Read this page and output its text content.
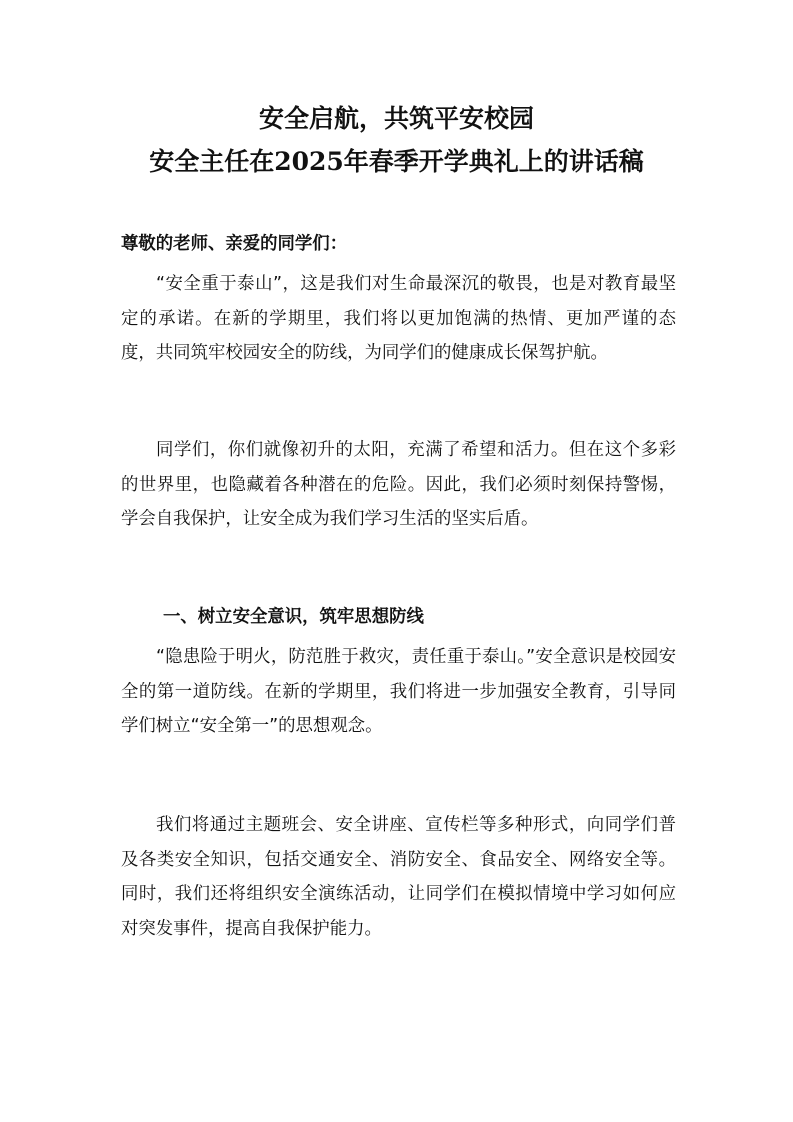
安全启航，共筑平安校园
安全主任在2025年春季开学典礼上的讲话稿

尊敬的老师、亲爱的同学们：

“安全重于泰山”，这是我们对生命最深沉的敬畏，也是对教育最坚定的承诺。在新的学期里，我们将以更加饱满的热情、更加严谨的态度，共同筑牢校园安全的防线，为同学们的健康成长保驾护航。

同学们，你们就像初升的太阳，充满了希望和活力。但在这个多彩的世界里，也隐藏着各种潜在的危险。因此，我们必须时刻保持警惕，学会自我保护，让安全成为我们学习生活的坚实后盾。

一、树立安全意识，筑牢思想防线

“隐患险于明火，防范胜于救灾，责任重于泰山。”安全意识是校园安全的第一道防线。在新的学期里，我们将进一步加强安全教育，引导同学们树立“安全第一”的思想观念。

我们将通过主题班会、安全讲座、宣传栏等多种形式，向同学们普及各类安全知识，包括交通安全、消防安全、食品安全、网络安全等。同时，我们还将组织安全演练活动，让同学们在模拟情境中学习如何应对突发事件，提高自我保护能力。
